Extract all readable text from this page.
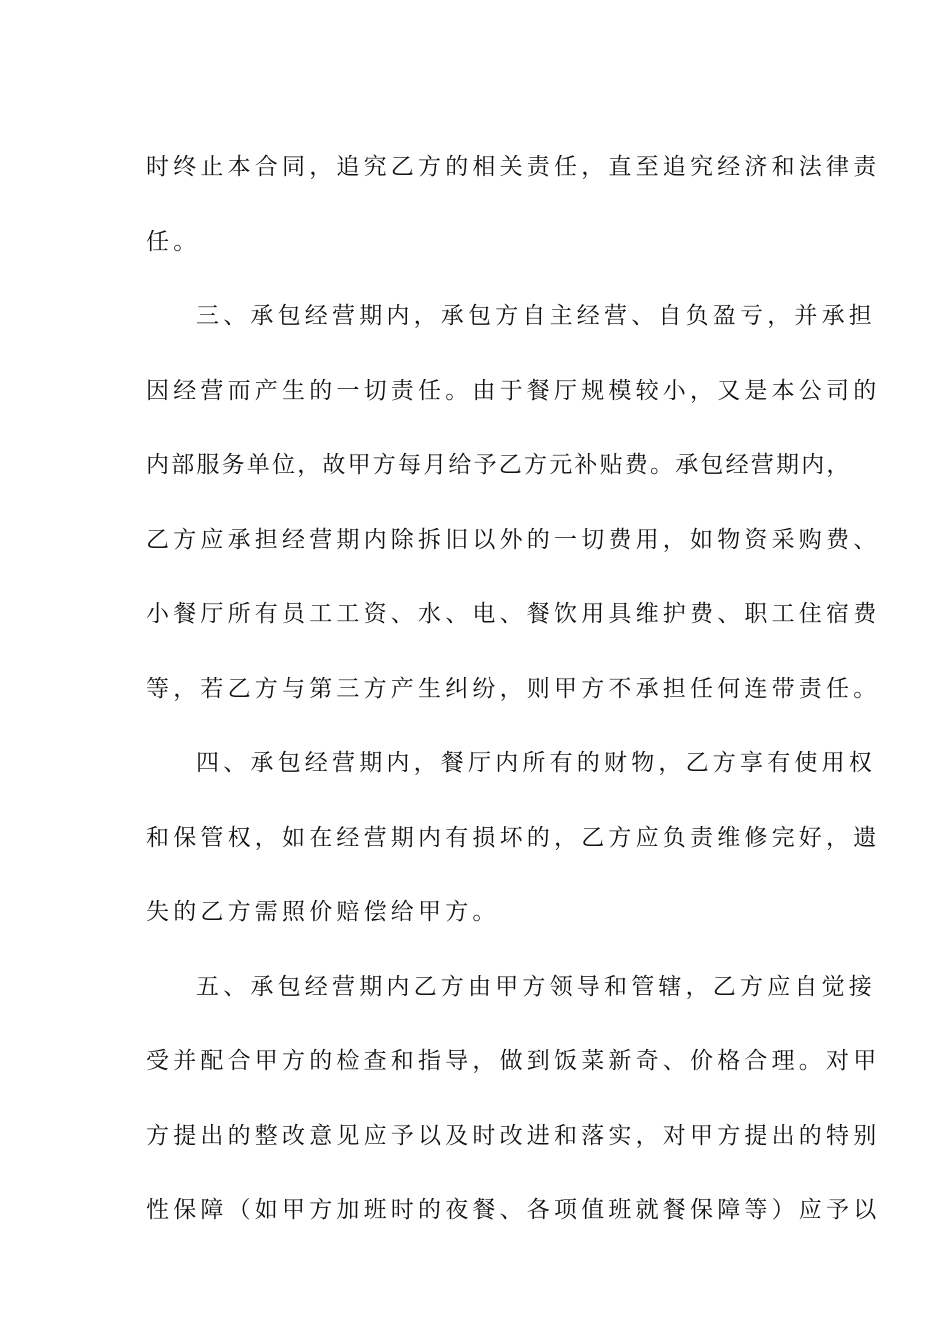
时终止本合同，追究乙方的相关责任，直至追究经济和法律责
任。
三、承包经营期内，承包方自主经营、自负盈亏，并承担
因经营而产生的一切责任。由于餐厅规模较小，又是本公司的
内部服务单位，故甲方每月给予乙方元补贴费。承包经营期内，
乙方应承担经营期内除拆旧以外的一切费用，如物资采购费、
小餐厅所有员工工资、水、电、餐饮用具维护费、职工住宿费
等，若乙方与第三方产生纠纷，则甲方不承担任何连带责任。
四、承包经营期内，餐厅内所有的财物，乙方享有使用权
和保管权，如在经营期内有损坏的，乙方应负责维修完好，遗
失的乙方需照价赔偿给甲方。
五、承包经营期内乙方由甲方领导和管辖，乙方应自觉接
受并配合甲方的检查和指导，做到饭菜新奇、价格合理。对甲
方提出的整改意见应予以及时改进和落实，对甲方提出的特别
性保障（如甲方加班时的夜餐、各项值班就餐保障等）应予以
